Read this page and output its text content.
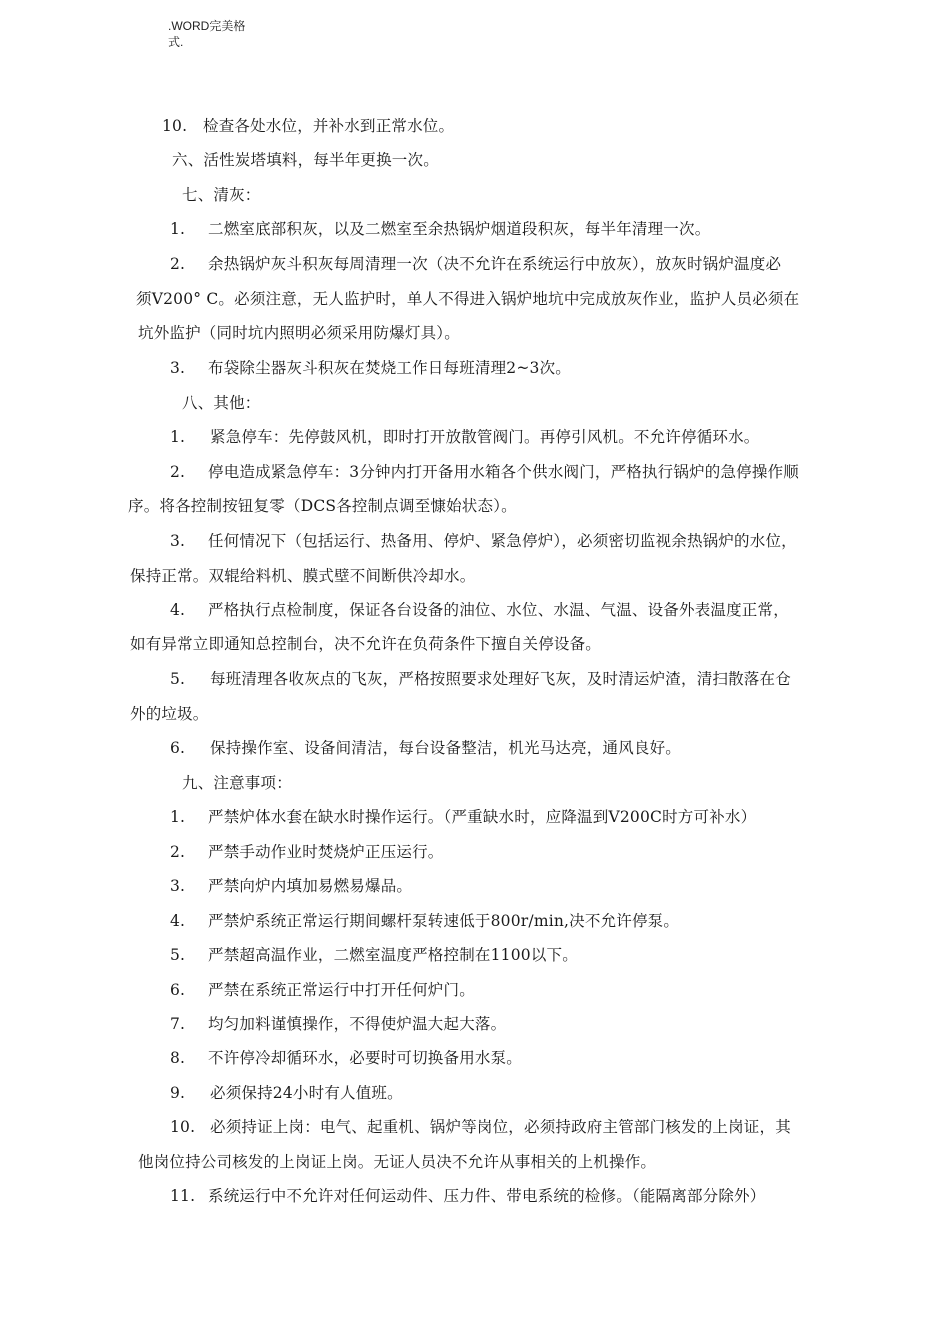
.WORD完美格
式.
10. 检查各处水位，并补水到正常水位。
六、活性炭塔填料，每半年更换一次。
七、清灰：
1. 二燃室底部积灰，以及二燃室至余热锅炉烟道段积灰，每半年清理一次。
2. 余热锅炉灰斗积灰每周清理一次（决不允许在系统运行中放灰），放灰时锅炉温度必
须V200° C。必须注意，无人监护时，单人不得进入锅炉地坑中完成放灰作业，监护人员必须在
坑外监护（同时坑内照明必须采用防爆灯具）。
3. 布袋除尘器灰斗积灰在焚烧工作日每班清理2~3次。
八、其他：
1. 紧急停车：先停鼓风机，即时打开放散管阀门。再停引风机。不允许停循环水。
2. 停电造成紧急停车：3分钟内打开备用水箱各个供水阀门，严格执行锅炉的急停操作顺
序。将各控制按钮复零（DCS各控制点调至慷始状态）。
3. 任何情况下（包括运行、热备用、停炉、紧急停炉），必须密切监视余热锅炉的水位，
保持正常。双辊给料机、膜式壁不间断供冷却水。
4. 严格执行点检制度，保证各台设备的油位、水位、水温、气温、设备外表温度正常，
如有异常立即通知总控制台，决不允许在负荷条件下擅自关停设备。
5. 每班清理各收灰点的飞灰，严格按照要求处理好飞灰，及时清运炉渣，清扫散落在仓
外的垃圾。
6. 保持操作室、设备间清洁，每台设备整洁，机光马达亮，通风良好。
九、注意事项：
1. 严禁炉体水套在缺水时操作运行。（严重缺水时，应降温到V200C时方可补水）
2. 严禁手动作业时焚烧炉正压运行。
3. 严禁向炉内填加易燃易爆品。
4. 严禁炉系统正常运行期间螺杆泵转速低于800r/min,决不允许停泵。
5. 严禁超高温作业，二燃室温度严格控制在1100以下。
6. 严禁在系统正常运行中打开任何炉门。
7. 均匀加料谨慎操作，不得使炉温大起大落。
8. 不许停冷却循环水，必要时可切换备用水泵。
9. 必须保持24小时有人值班。
10. 必须持证上岗：电气、起重机、锅炉等岗位，必须持政府主管部门核发的上岗证，其
他岗位持公司核发的上岗证上岗。无证人员决不允许从事相关的上机操作。
11. 系统运行中不允许对任何运动件、压力件、带电系统的检修。（能隔离部分除外）
